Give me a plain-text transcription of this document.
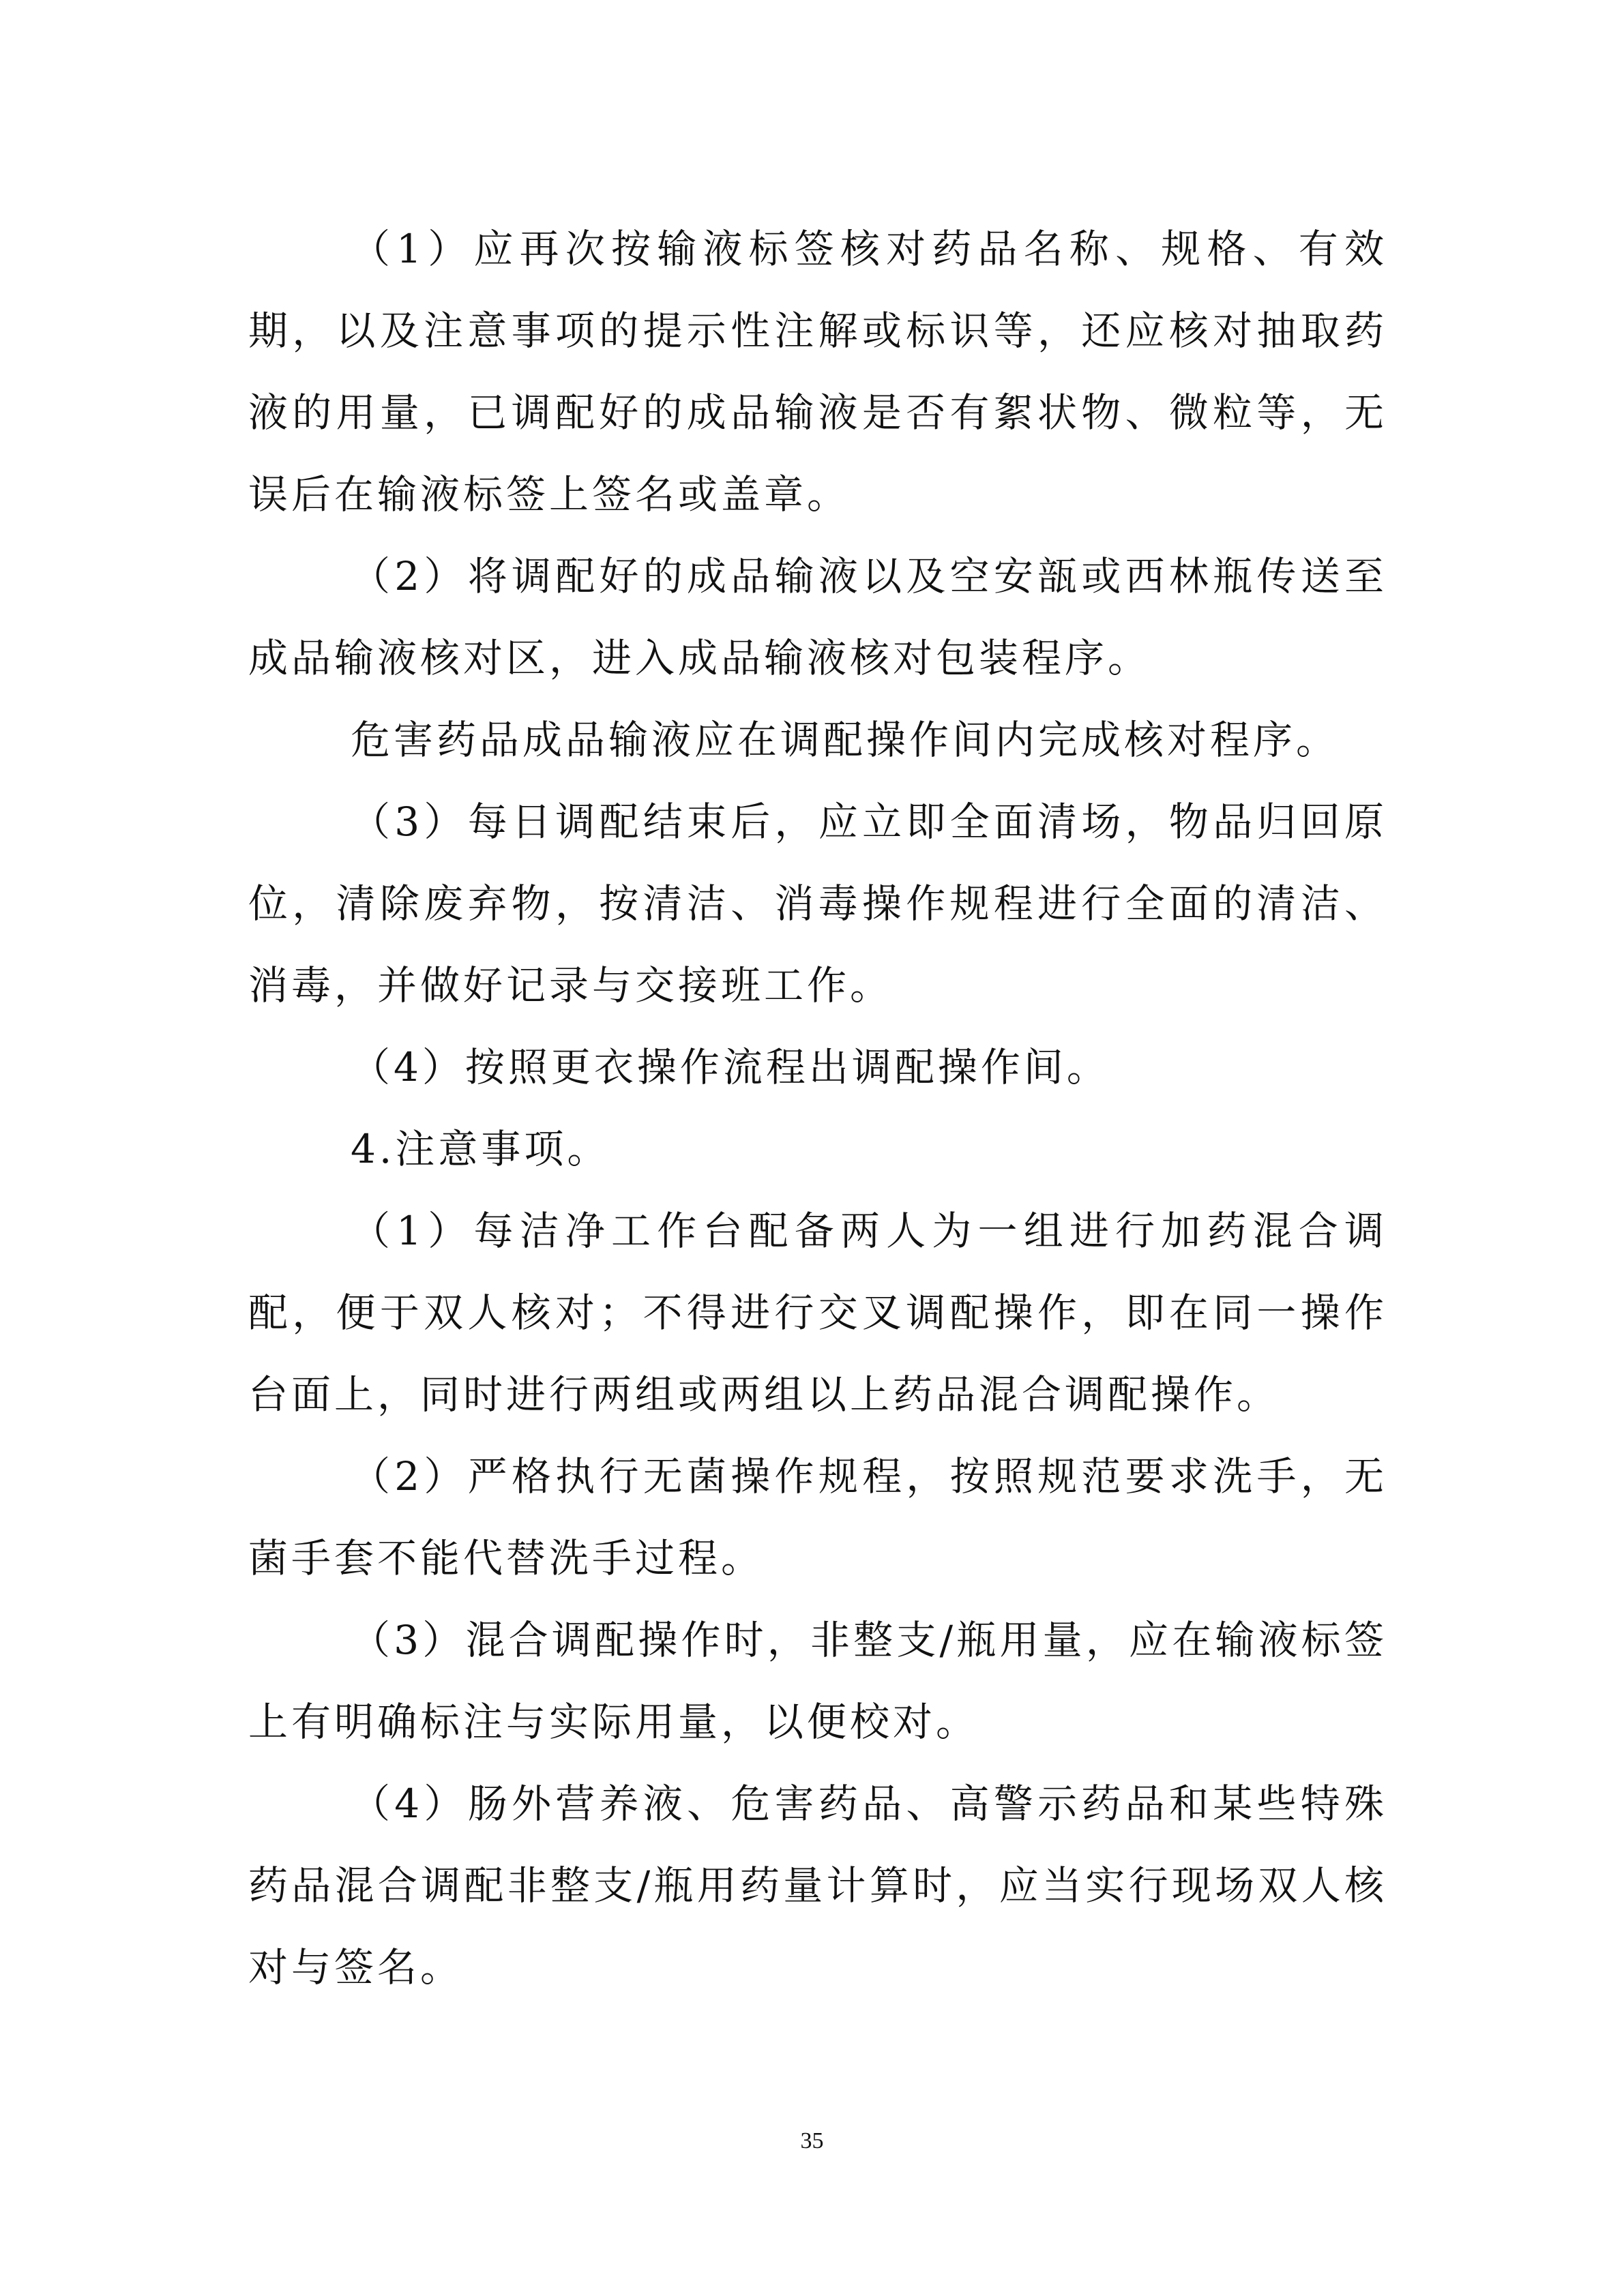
（1）应再次按输液标签核对药品名称、规格、有效期，以及注意事项的提示性注解或标识等，还应核对抽取药液的用量，已调配好的成品输液是否有絮状物、微粒等，无误后在输液标签上签名或盖章。

（2）将调配好的成品输液以及空安瓿或西林瓶传送至成品输液核对区，进入成品输液核对包装程序。

危害药品成品输液应在调配操作间内完成核对程序。

（3）每日调配结束后，应立即全面清场，物品归回原位，清除废弃物，按清洁、消毒操作规程进行全面的清洁、消毒，并做好记录与交接班工作。

（4）按照更衣操作流程出调配操作间。

4.注意事项。

（1）每洁净工作台配备两人为一组进行加药混合调配，便于双人核对；不得进行交叉调配操作，即在同一操作台面上，同时进行两组或两组以上药品混合调配操作。

（2）严格执行无菌操作规程，按照规范要求洗手，无菌手套不能代替洗手过程。

（3）混合调配操作时，非整支/瓶用量，应在输液标签上有明确标注与实际用量，以便校对。

（4）肠外营养液、危害药品、高警示药品和某些特殊药品混合调配非整支/瓶用药量计算时，应当实行现场双人核对与签名。

35
